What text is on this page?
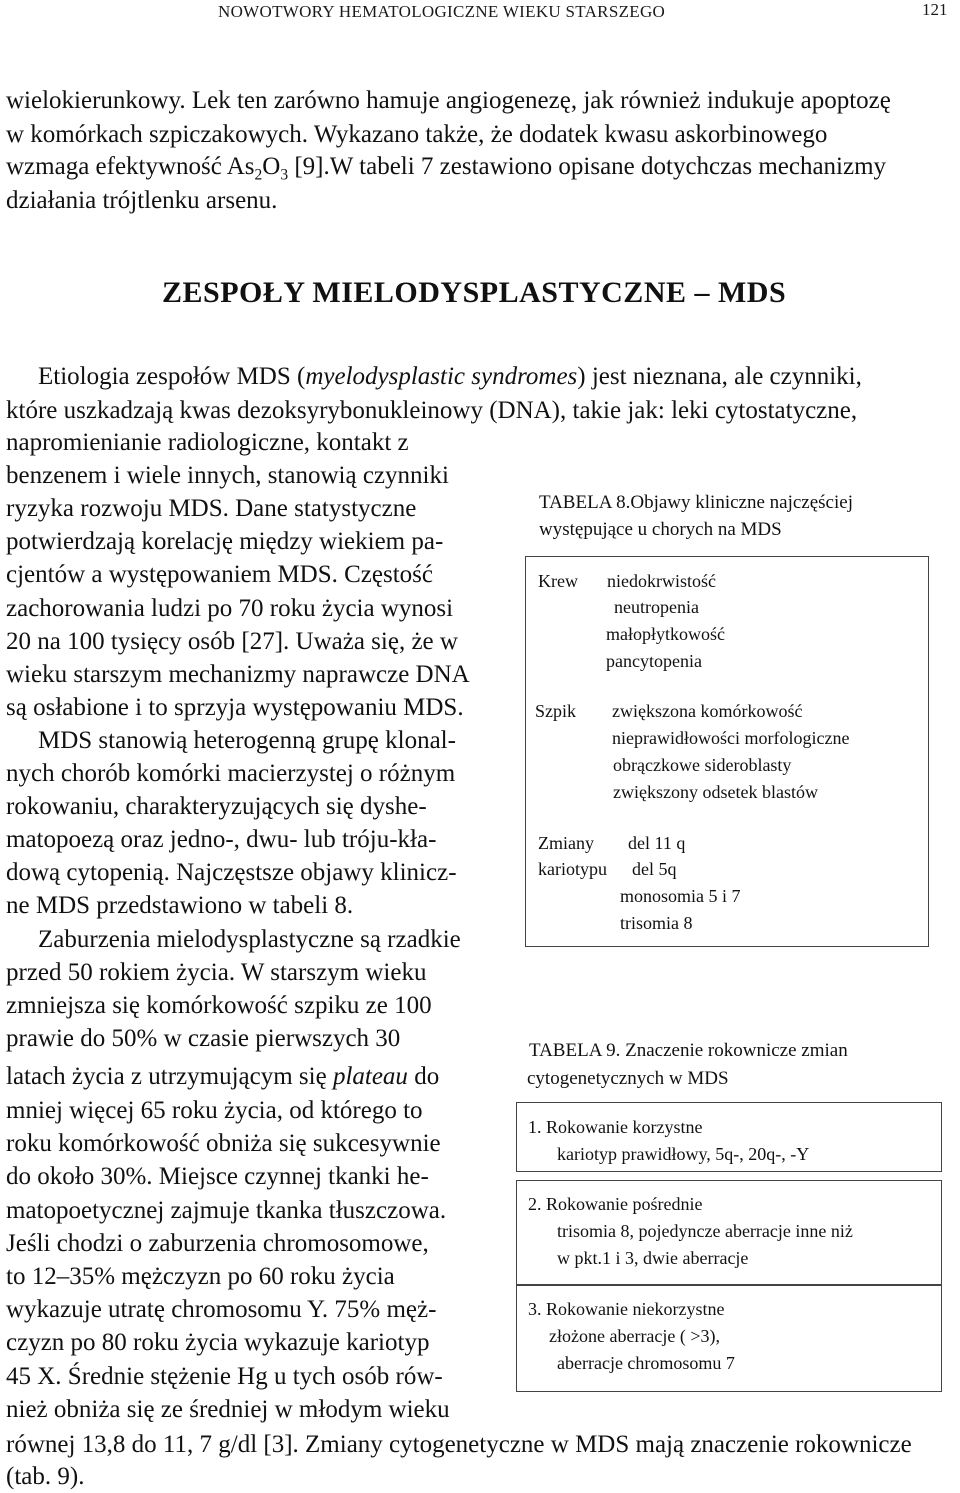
NOWOTWORY HEMATOLOGICZNE WIEKU STARSZEGO	121
wielokierunkowy. Lek ten zarówno hamuje angiogenezę, jak również indukuje apoptozę
w komórkach szpiczakowych. Wykazano także, że dodatek kwasu askorbinowego
wzmaga efektywność $As_2O_3$ [9].W tabeli 7 zestawiono opisane dotychczas mechanizmy
działania trójtlenku arsenu.
ZESPOŁY MIELODYSPLASTYCZNE – MDS
Etiologia zespołów MDS (myelodysplastic syndromes) jest nieznana, ale czynniki,
które uszkadzają kwas dezoksyrybonukleinowy (DNA), takie jak: leki cytostatyczne,
napromienianie radiologiczne, kontakt z
benzenem i wiele innych, stanowią czynniki
ryzyka rozwoju MDS. Dane statystyczne
potwierdzają korelację między wiekiem pa-
cjentów a występowaniem MDS. Częstość
zachorowania ludzi po 70 roku życia wynosi
20 na 100 tysięcy osób [27]. Uważa się, że w
wieku starszym mechanizmy naprawcze DNA
są osłabione i to sprzyja występowaniu MDS.
MDS stanowią heterogenną grupę klonal-
nych chorób komórki macierzystej o różnym
rokowaniu, charakteryzujących się dyshe-
matopoezą oraz jedno-, dwu- lub tróju-kła-
dową cytopenią. Najczęstsze objawy klinicz-
ne MDS przedstawiono w tabeli 8.
Zaburzenia mielodysplastyczne są rzadkie
przed 50 rokiem życia. W starszym wieku
zmniejsza się komórkowość szpiku ze 100
prawie do 50% w czasie pierwszych 30
latach życia z utrzymującym się plateau do
mniej więcej 65 roku życia, od którego to
roku komórkowość obniża się sukcesywnie
do około 30%. Miejsce czynnej tkanki he-
matopoetycznej zajmuje tkanka tłuszczowa.
Jeśli chodzi o zaburzenia chromosomowe,
to 12–35% mężczyzn po 60 roku życia
wykazuje utratę chromosomu Y. 75% męż-
czyzn po 80 roku życia wykazuje kariotyp
45 X. Średnie stężenie Hg u tych osób rów-
nież obniża się ze średniej w młodym wieku
równej 13,8 do 11, 7 g/dl [3]. Zmiany cytogenetyczne w MDS mają znaczenie rokownicze
(tab. 9).
TABELA 8.Objawy kliniczne najczęściej
występujące u chorych na MDS
Krew niedokrwistość
neutropenia
małopłytkowość
pancytopenia
Szpik zwiększona komórkowość
nieprawidłowości morfologiczne
obrączkowe sideroblasty
zwiększony odsetek blastów
Zmiany del 11 q
kariotypu del 5q
monosomia 5 i 7
trisomia 8
TABELA 9. Znaczenie rokownicze zmian
cytogenetycznych w MDS
1. Rokowanie korzystne
kariotyp prawidłowy, 5q-, 20q-, -Y
2. Rokowanie pośrednie
trisomia 8, pojedyncze aberracje inne niż
w pkt.1 i 3, dwie aberracje
3. Rokowanie niekorzystne
złożone aberracje ( >3),
aberracje chromosomu 7
